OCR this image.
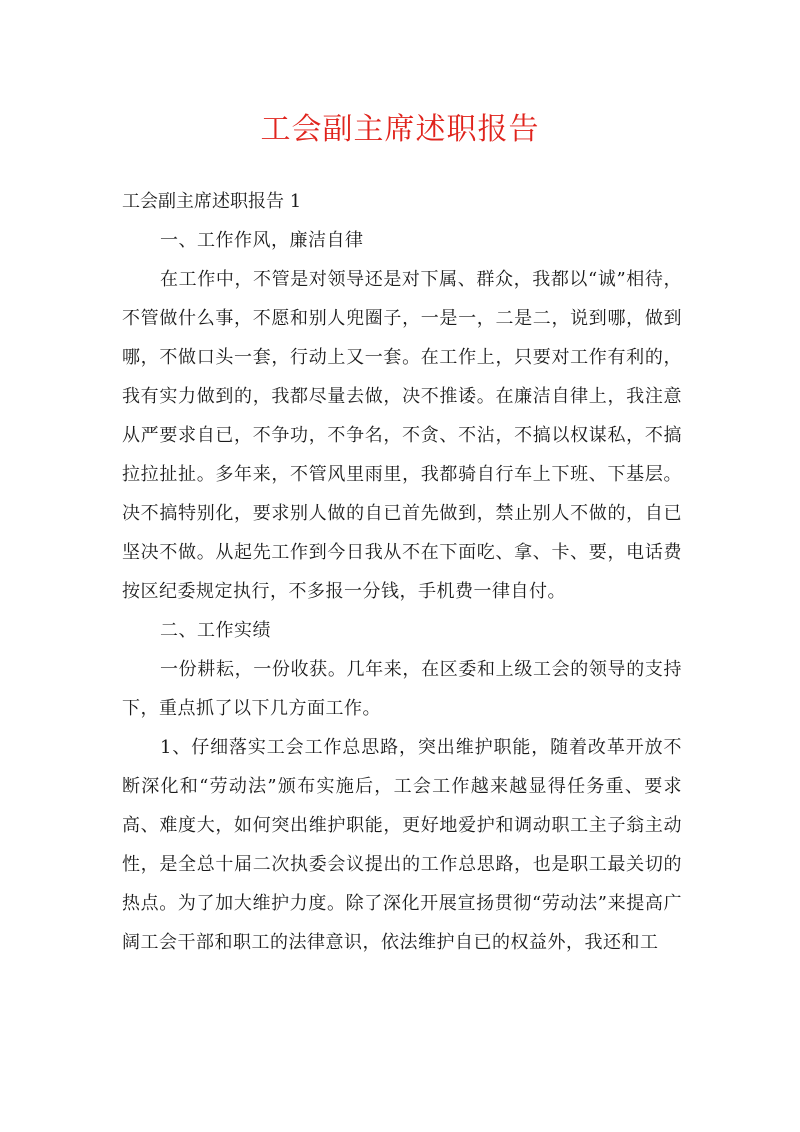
工会副主席述职报告

工会副主席述职报告 1

一、工作作风，廉洁自律

在工作中，不管是对领导还是对下属、群众，我都以“诚”相待，不管做什么事，不愿和别人兜圈子，一是一，二是二，说到哪，做到哪，不做口头一套，行动上又一套。在工作上，只要对工作有利的，我有实力做到的，我都尽量去做，决不推诿。在廉洁自律上，我注意从严要求自已，不争功，不争名，不贪、不沾，不搞以权谋私，不搞拉拉扯扯。多年来，不管风里雨里，我都骑自行车上下班、下基层。决不搞特别化，要求别人做的自已首先做到，禁止别人不做的，自已坚决不做。从起先工作到今日我从不在下面吃、拿、卡、要，电话费按区纪委规定执行，不多报一分钱，手机费一律自付。

二、工作实绩

一份耕耘，一份收获。几年来，在区委和上级工会的领导的支持下，重点抓了以下几方面工作。

1、仔细落实工会工作总思路，突出维护职能，随着改革开放不断深化和“劳动法”颁布实施后，工会工作越来越显得任务重、要求高、难度大，如何突出维护职能，更好地爱护和调动职工主子翁主动性，是全总十届二次执委会议提出的工作总思路，也是职工最关切的热点。为了加大维护力度。除了深化开展宣扬贯彻“劳动法”来提高广阔工会干部和职工的法律意识，依法维护自已的权益外，我还和工
